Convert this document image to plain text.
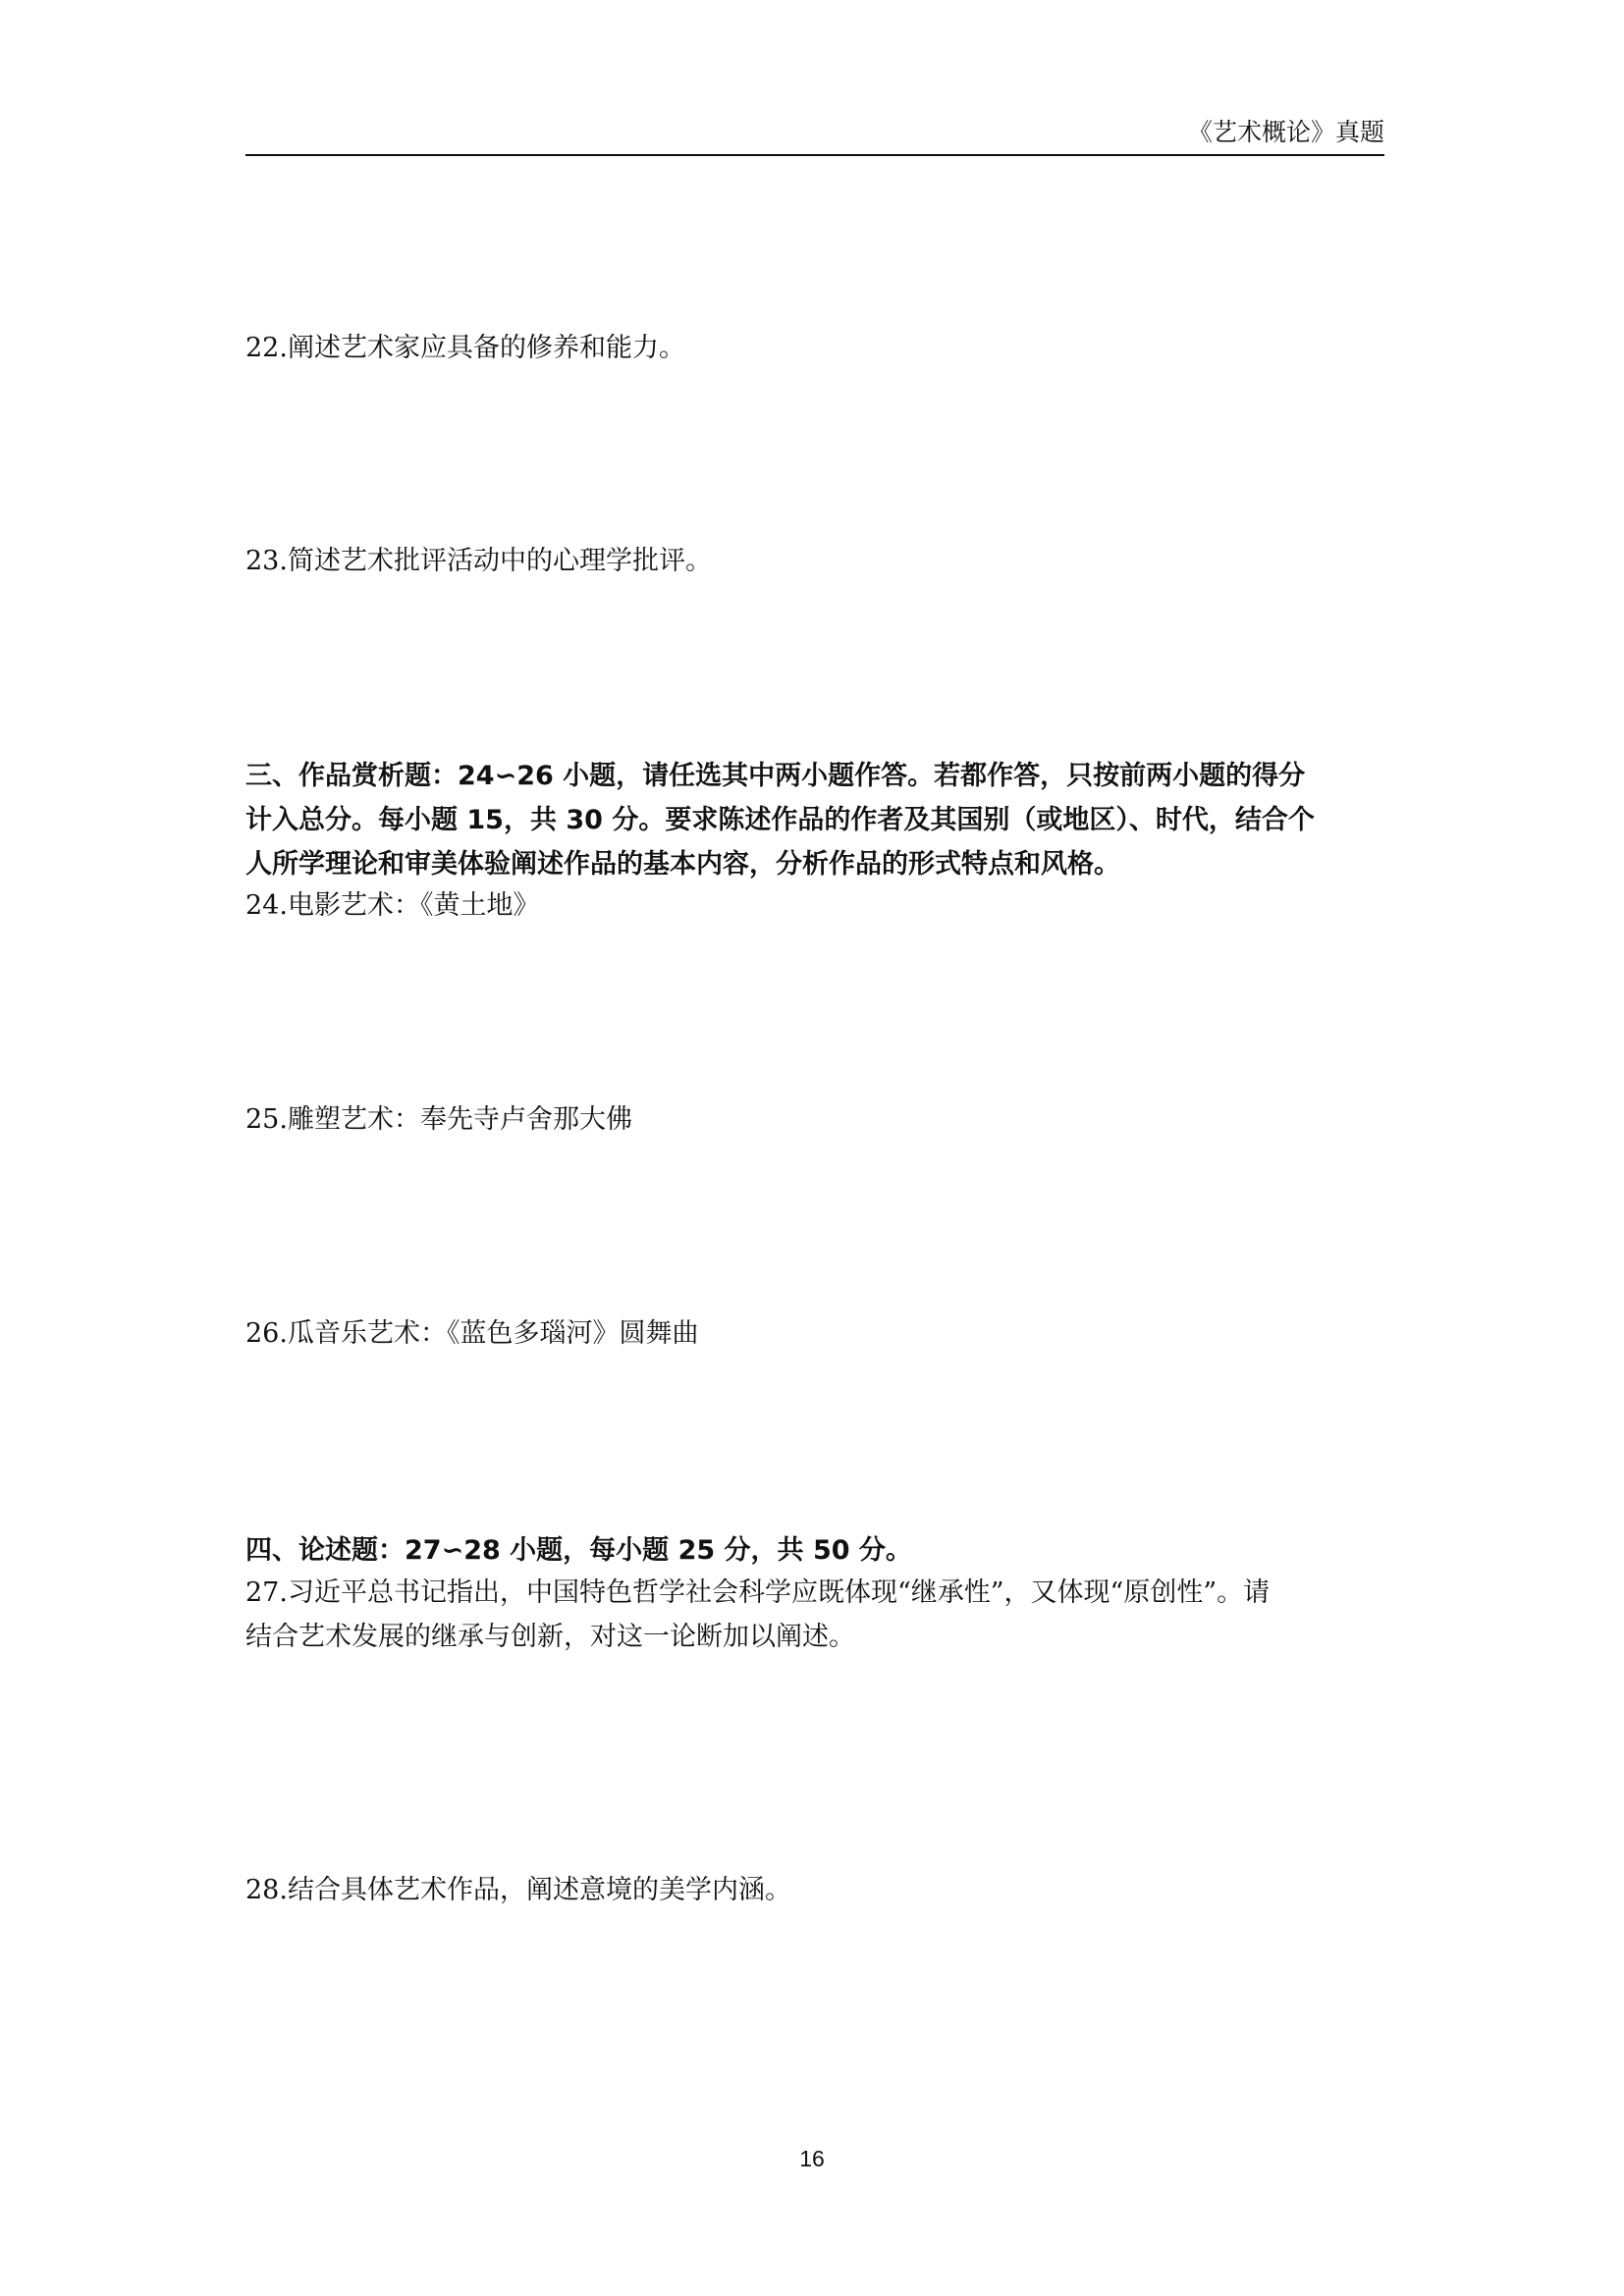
《艺术概论》真题
22.阐述艺术家应具备的修养和能力。
23.简述艺术批评活动中的心理学批评。
三、作品赏析题：24∽26 小题，请任选其中两小题作答。若都作答，只按前两小题的得分
计入总分。每小题 15，共 30 分。要求陈述作品的作者及其国别（或地区）、时代，结合个
人所学理论和审美体验阐述作品的基本内容，分析作品的形式特点和风格。
24.电影艺术：《黄土地》
25.雕塑艺术：奉先寺卢舍那大佛
26.瓜音乐艺术：《蓝色多瑙河》圆舞曲
四、论述题：27∽28 小题，每小题 25 分，共 50 分。
27.习近平总书记指出，中国特色哲学社会科学应既体现“继承性”，又体现“原创性”。请
结合艺术发展的继承与创新，对这一论断加以阐述。
28.结合具体艺术作品，阐述意境的美学内涵。
16
